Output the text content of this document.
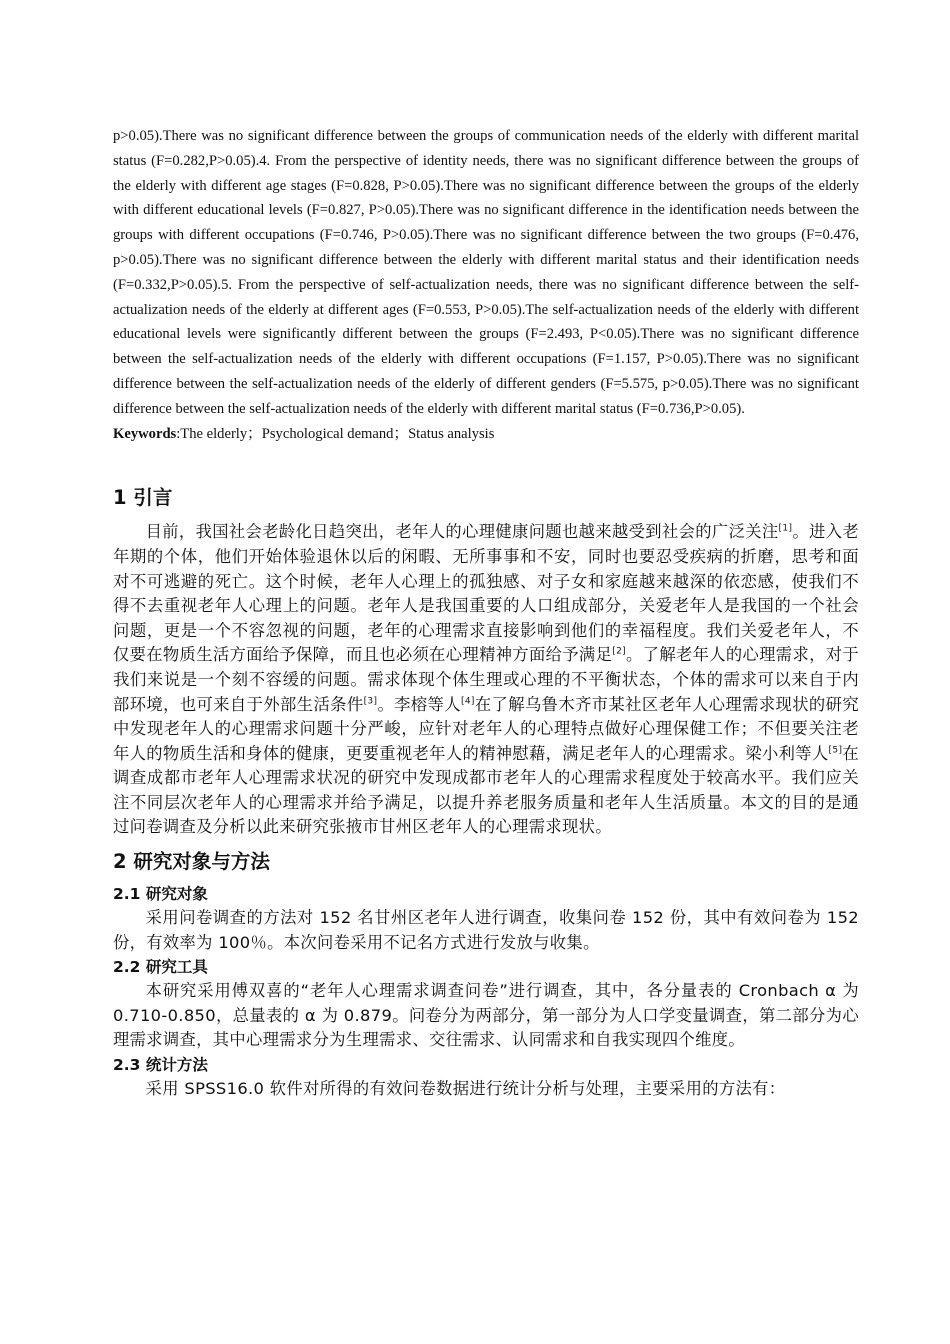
p>0.05).There was no significant difference between the groups of communication needs of the elderly with different marital status (F=0.282,P>0.05).4. From the perspective of identity needs, there was no significant difference between the groups of the elderly with different age stages (F=0.828, P>0.05).There was no significant difference between the groups of the elderly with different educational levels (F=0.827, P>0.05).There was no significant difference in the identification needs between the groups with different occupations (F=0.746, P>0.05).There was no significant difference between the two groups (F=0.476, p>0.05).There was no significant difference between the elderly with different marital status and their identification needs (F=0.332,P>0.05).5. From the perspective of self-actualization needs, there was no significant difference between the self-actualization needs of the elderly at different ages (F=0.553, P>0.05).The self-actualization needs of the elderly with different educational levels were significantly different between the groups (F=2.493, P<0.05).There was no significant difference between the self-actualization needs of the elderly with different occupations (F=1.157, P>0.05).There was no significant difference between the self-actualization needs of the elderly of different genders (F=5.575, p>0.05).There was no significant difference between the self-actualization needs of the elderly with different marital status (F=0.736,P>0.05).

Keywords:The elderly；Psychological demand；Status analysis

1 引言

目前，我国社会老龄化日趋突出，老年人的心理健康问题也越来越受到社会的广泛关注[1]。进入老年期的个体，他们开始体验退休以后的闲暇、无所事事和不安，同时也要忍受疾病的折磨，思考和面对不可逃避的死亡。这个时候，老年人心理上的孤独感、对子女和家庭越来越深的依恋感，使我们不得不去重视老年人心理上的问题。老年人是我国重要的人口组成部分，关爱老年人是我国的一个社会问题，更是一个不容忽视的问题，老年的心理需求直接影响到他们的幸福程度。我们关爱老年人，不仅要在物质生活方面给予保障，而且也必须在心理精神方面给予满足[2]。了解老年人的心理需求，对于我们来说是一个刻不容缓的问题。需求体现个体生理或心理的不平衡状态，个体的需求可以来自于内部环境，也可来自于外部生活条件[3]。李榕等人[4]在了解乌鲁木齐市某社区老年人心理需求现状的研究中发现老年人的心理需求问题十分严峻，应针对老年人的心理特点做好心理保健工作；不但要关注老年人的物质生活和身体的健康，更要重视老年人的精神慰藉，满足老年人的心理需求。梁小利等人[5]在调查成都市老年人心理需求状况的研究中发现成都市老年人的心理需求程度处于较高水平。我们应关注不同层次老年人的心理需求并给予满足，以提升养老服务质量和老年人生活质量。本文的目的是通过问卷调查及分析以此来研究张掖市甘州区老年人的心理需求现状。

2 研究对象与方法
2.1 研究对象

采用问卷调查的方法对 152 名甘州区老年人进行调查，收集问卷 152 份，其中有效问卷为 152 份，有效率为 100％。本次问卷采用不记名方式进行发放与收集。

2.2 研究工具

本研究采用傅双喜的“老年人心理需求调查问卷”进行调查，其中，各分量表的 Cronbach α 为 0.710-0.850，总量表的 α 为 0.879。问卷分为两部分，第一部分为人口学变量调查，第二部分为心理需求调查，其中心理需求分为生理需求、交往需求、认同需求和自我实现四个维度。

2.3 统计方法

采用 SPSS16.0 软件对所得的有效问卷数据进行统计分析与处理，主要采用的方法有：
